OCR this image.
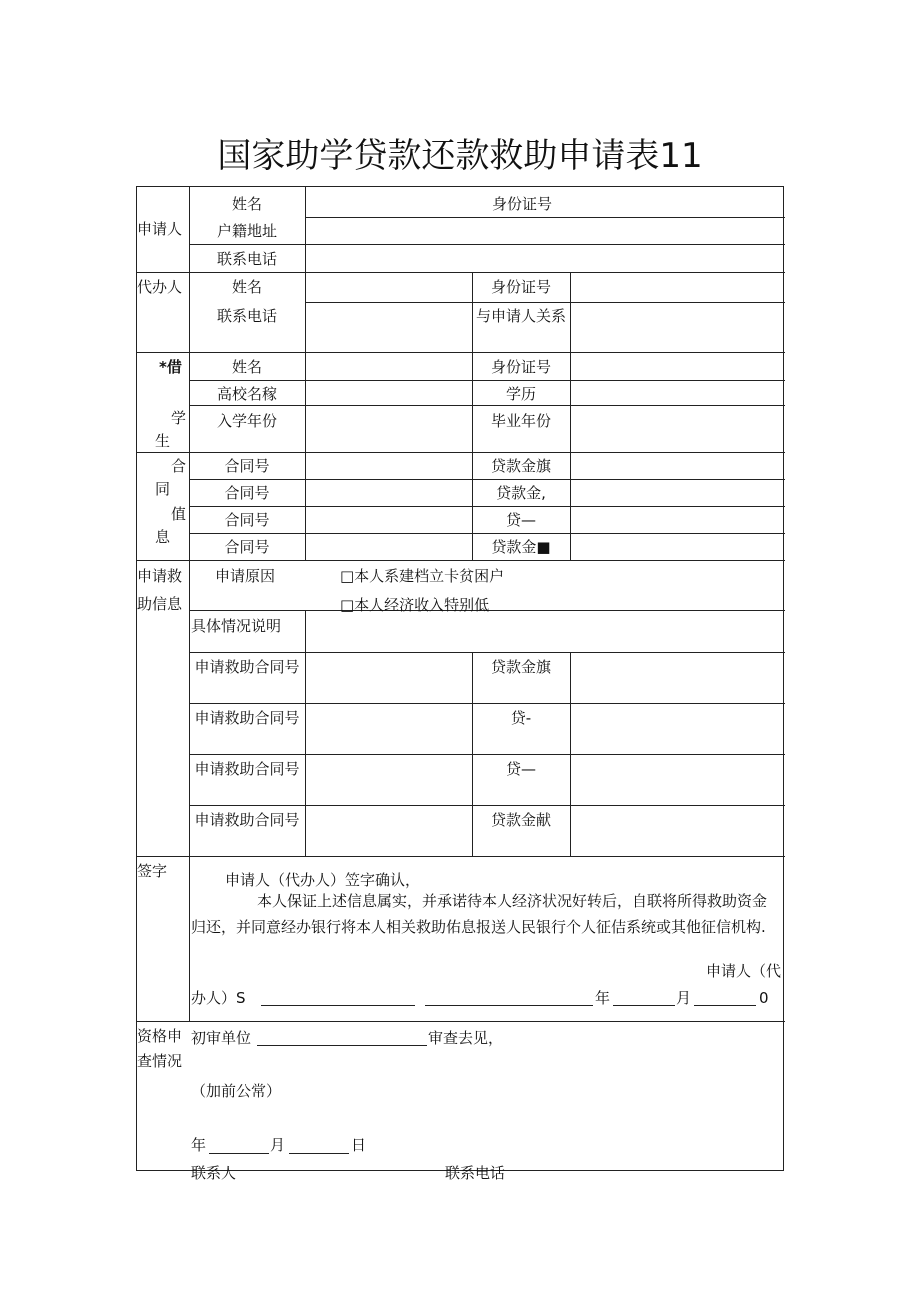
国家助学贷款还款救助申请表11
申请人
姓名	身份证号
户籍地址
联系电话
代办人	姓名	身份证号
联系电话	与申请人关系
*借
学
生
姓名	身份证号
高校名稼	学历
入学年份	毕业年份
合
同
值
息
合同号	贷款金旗
合同号	贷款金,
合同号	贷—
合同号	贷款金■
申请救
助信息
申请原因	□本人系建档立卡贫困户
□本人经济收入特别低
具体情况说明
申请救助合同号	贷款金旗
申请救助合同号	贷-
申请救助合同号	贷—
申请救助合同号	贷款金献
签字	申请人（代办人）笠字确认，
本人保证上述信息属实，并承诺待本人经济状况好转后，自联将所得救助资金
归还，并同意经办银行将本人相关救助佑息报送人民银行个人征佶系统或其他征信机构.
申请人（代
办人）S	年	月	0
资格申
查情况
初审单位	审查去见，
（加前公常）
年	月	日
联系人	联系电话
